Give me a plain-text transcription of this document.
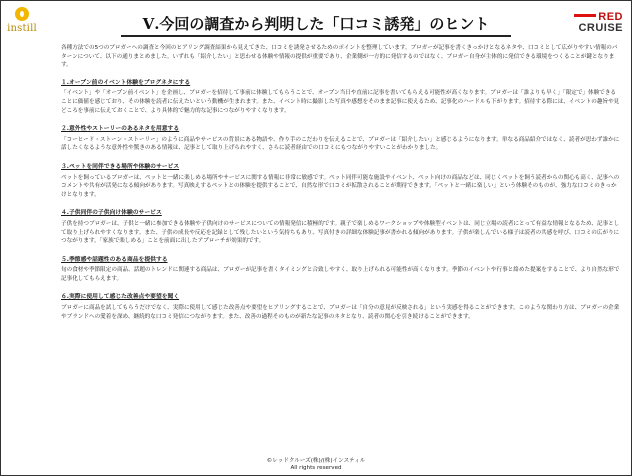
instill	Ⅴ.今回の調査から判明した「口コミ誘発」のヒント	RED
CRUISE

各種方法での5つのブロガーへの調査と今回のヒアリング調査結果から見えてきた、口コミを誘発させるためのポイントを整理しています。ブロガーが記事を書くきっかけとなるネタや、口コミとして広がりやすい情報のパターンについて、以下の通りまとめました。いずれも「紹介したい」と思わせる体験や情報の提供が重要であり、企業側が一方的に発信するのではなく、ブロガー自身が主体的に発信できる環境をつくることが鍵となります。

１.オープン前のイベント体験をブログネタにする

「イベント」や「オープン前イベント」を企画し、ブロガーを招待して事前に体験してもらうことで、オープン当日や直前に記事を書いてもらえる可能性が高くなります。ブロガーは「誰よりも早く」「限定で」体験できることに価値を感じており、その体験を読者に伝えたいという動機が生まれます。また、イベント時に撮影した写真や感想をそのまま記事に使えるため、記事化のハードルも下がります。招待する際には、イベントの趣旨や見どころを事前に伝えておくことで、より具体的で魅力的な記事につながりやすくなります。

２.意外性やストーリーのあるネタを用意する

「コーヒード・ストーン・ストーリー」のように商品やサービスの背景にある物語や、作り手のこだわりを伝えることで、ブロガーは「紹介したい」と感じるようになります。単なる商品紹介ではなく、読者が思わず誰かに話したくなるような意外性や驚きのある情報は、記事として取り上げられやすく、さらに読者経由での口コミにもつながりやすいことがわかりました。

３.ペットを同伴できる場所や体験のサービス

ペットを飼っているブロガーは、ペットと一緒に楽しめる場所やサービスに関する情報に非常に敏感です。ペット同伴可能な施設やイベント、ペット向けの商品などは、同じくペットを飼う読者からの関心も高く、記事へのコメントや共有が活発になる傾向があります。写真映えするペットとの体験を提供することで、自然な形で口コミが拡散されることが期待できます。「ペットと一緒に楽しい」という体験そのものが、強力な口コミのきっかけとなります。

４.子供同伴の子供向け体験のサービス

子供を持つブロガーは、子供と一緒に参加できる体験や子供向けのサービスについての情報発信に積極的です。親子で楽しめるワークショップや体験型イベントは、同じ立場の読者にとって有益な情報となるため、記事として取り上げられやすくなります。また、子供の成長や反応を記録として残したいという気持ちもあり、写真付きの詳細な体験記事が書かれる傾向があります。子供が楽しんでいる様子は読者の共感を呼び、口コミの広がりにつながります。「家族で楽しめる」ことを前面に出したアプローチが効果的です。

５.季節感や話題性のある商品を提供する

旬の食材や季節限定の商品、話題のトレンドに関連する商品は、ブロガーが記事を書くタイミングと合致しやすく、取り上げられる可能性が高くなります。季節のイベントや行事と絡めた提案をすることで、より自然な形で記事化してもらえます。

６.実際に使用して感じた改善点や要望を聞く

ブロガーに商品を試してもらうだけでなく、実際に使用して感じた改善点や要望をヒアリングすることで、ブロガーは「自分の意見が反映される」という実感を得ることができます。このような関わり方は、ブロガーの企業やブランドへの愛着を深め、継続的な口コミ発信につながります。また、改善の過程そのものが新たな記事のネタとなり、読者の関心を引き続けることができます。

©レッドクルーズ(株)/(株)インスティル
All rights reserved
